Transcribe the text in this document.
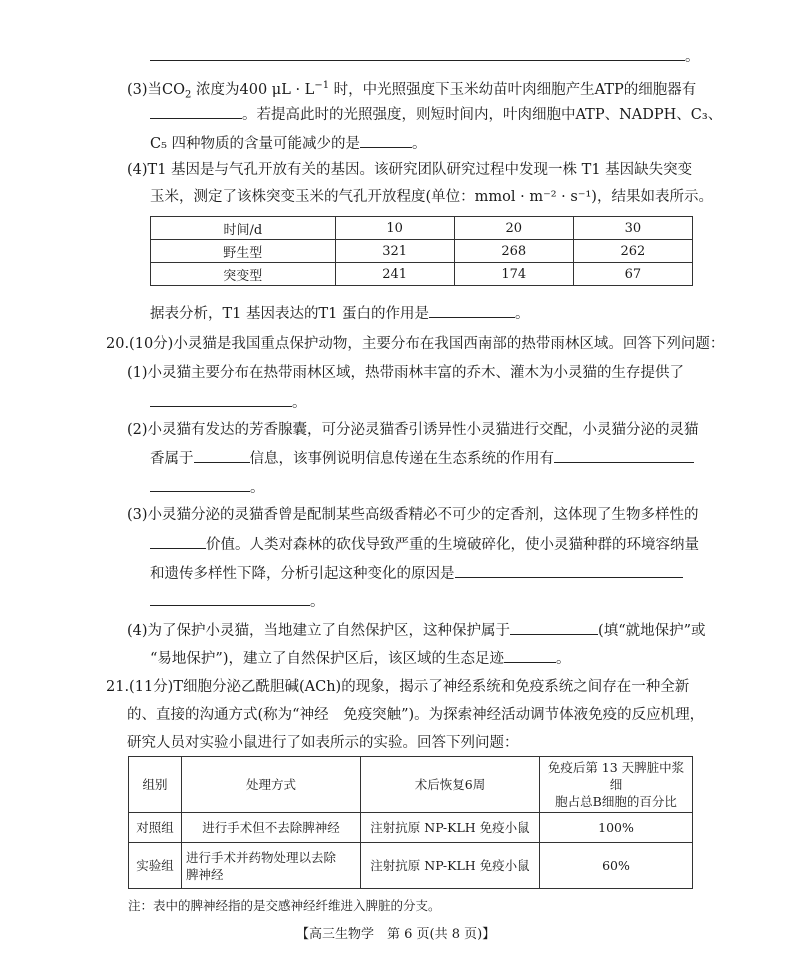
。
(3)当$CO_2$ 浓度为400 $\mu L \cdot L^{-1}$ 时，中光照强度下玉米幼苗叶肉细胞产生ATP的细胞器有
。若提高此时的光照强度，则短时间内，叶肉细胞中ATP、NADPH、C₃、
C₅ 四种物质的含量可能减少的是	。
(4)T1 基因是与气孔开放有关的基因。该研究团队研究过程中发现一株 T1 基因缺失突变
玉米，测定了该株突变玉米的气孔开放程度(单位：mmol · m⁻² · s⁻¹)，结果如表所示。
时间/d	10	20	30
野生型	321	268	262
突变型	241	174	67
据表分析，T1 基因表达的T1 蛋白的作用是	。
20.(10分)小灵猫是我国重点保护动物，主要分布在我国西南部的热带雨林区域。回答下列问题：
(1)小灵猫主要分布在热带雨林区域，热带雨林丰富的乔木、灌木为小灵猫的生存提供了
。
(2)小灵猫有发达的芳香腺囊，可分泌灵猫香引诱异性小灵猫进行交配，小灵猫分泌的灵猫
香属于	信息，该事例说明信息传递在生态系统的作用有
。
(3)小灵猫分泌的灵猫香曾是配制某些高级香精必不可少的定香剂，这体现了生物多样性的
价值。人类对森林的砍伐导致严重的生境破碎化，使小灵猫种群的环境容纳量
和遗传多样性下降，分析引起这种变化的原因是
。
(4)为了保护小灵猫，当地建立了自然保护区，这种保护属于	(填“就地保护”或
“易地保护”)，建立了自然保护区后，该区域的生态足迹	。
21.(11分)T细胞分泌乙酰胆碱(ACh)的现象，揭示了神经系统和免疫系统之间存在一种全新
的、直接的沟通方式(称为“神经　免疫突触”)。为探索神经活动调节体液免疫的反应机理，
研究人员对实验小鼠进行了如表所示的实验。回答下列问题：
组别	处理方式	术后恢复6周	免疫后第 13 天脾脏中浆细
胞占总B细胞的百分比

对照组	进行手术但不去除脾神经	注射抗原 NP-KLH 免疫小鼠	100%
实验组	进行手术并药物处理以去除
脾神经	注射抗原 NP-KLH 免疫小鼠	60%
注：表中的脾神经指的是交感神经纤维进入脾脏的分支。
【高三生物学　第 6 页(共 8 页)】
